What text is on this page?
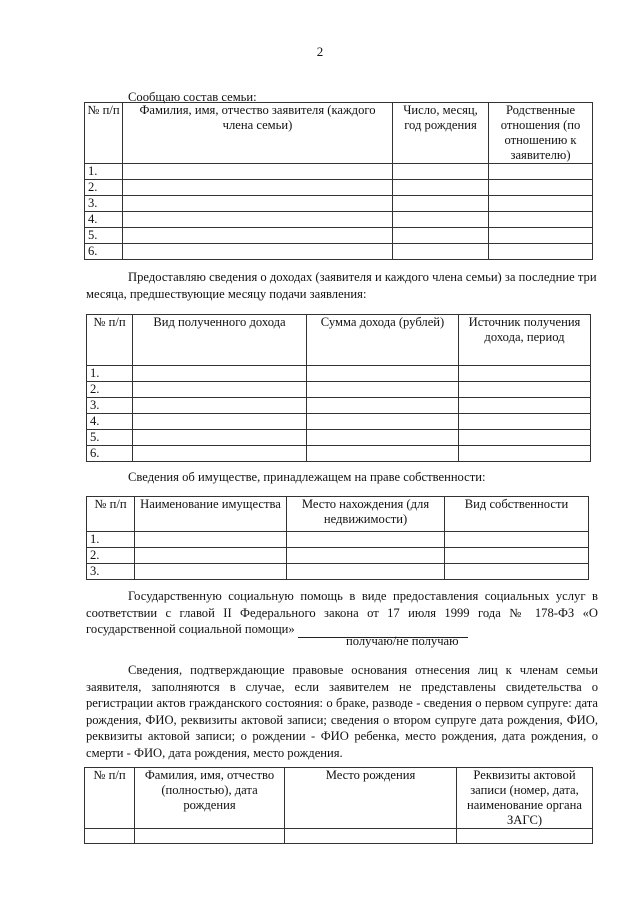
2
Сообщаю состав семьи:
№ п/п	Фамилия, имя, отчество заявителя (каждого члена семьи)	Число, месяц, год рождения	Родственные отношения (по отношению к заявителю)
1.			
2.			
3.			
4.			
5.			
6.			
Предоставляю сведения о доходах (заявителя и каждого члена семьи) за последние три месяца, предшествующие месяцу подачи заявления:
№ п/п	Вид полученного дохода	Сумма дохода (рублей)	Источник получения дохода, период
1.			
2.			
3.			
4.			
5.			
6.			
Сведения об имуществе, принадлежащем на праве собственности:
№ п/п	Наименование имущества	Место нахождения (для недвижимости)	Вид собственности
1.			
2.			
3.			
Государственную социальную помощь в виде предоставления социальных услуг в соответствии с главой II Федерального закона от 17 июля 1999 года № 178-ФЗ «О государственной социальной помощи»
получаю/не получаю
Сведения, подтверждающие правовые основания отнесения лиц к членам семьи заявителя, заполняются в случае, если заявителем не представлены свидетельства о регистрации актов гражданского состояния: о браке, разводе - сведения о первом супруге: дата рождения, ФИО, реквизиты актовой записи; сведения о втором супруге дата рождения, ФИО, реквизиты актовой записи; о рождении - ФИО ребенка, место рождения, дата рождения, о смерти - ФИО, дата рождения, место рождения.
№ п/п	Фамилия, имя, отчество (полностью), дата рождения	Место рождения	Реквизиты актовой записи (номер, дата, наименование органа ЗАГС)
